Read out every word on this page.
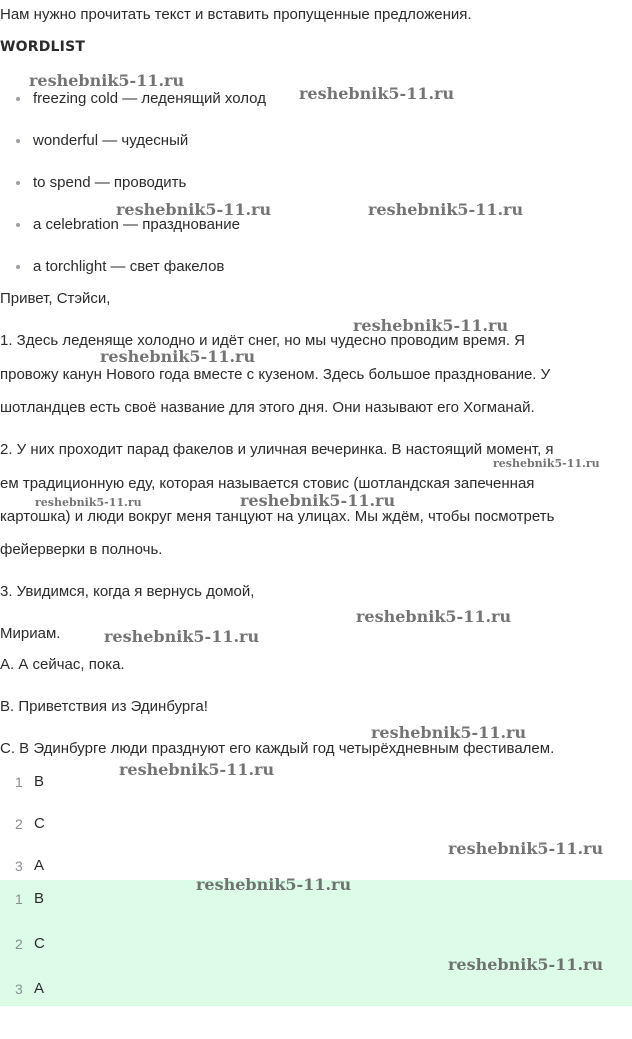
Нам нужно прочитать текст и вставить пропущенные предложения.
WORDLIST
freezing cold — леденящий холод
wonderful — чудесный
to spend — проводить
a celebration — празднование
a torchlight — свет факелов
Привет, Стэйси,
1. Здесь леденяще холодно и идёт снег, но мы чудесно проводим время. Я
провожу канун Нового года вместе с кузеном. Здесь большое празднование. У
шотландцев есть своё название для этого дня. Они называют его Хогманай.
2. У них проходит парад факелов и уличная вечеринка. В настоящий момент, я
ем традиционную еду, которая называется стовис (шотландская запеченная
картошка) и люди вокруг меня танцуют на улицах. Мы ждём, чтобы посмотреть
фейерверки в полночь.
3. Увидимся, когда я вернусь домой,
Мириам.
A. А сейчас, пока.
B. Приветствия из Эдинбурга!
C. В Эдинбурге люди празднуют его каждый год четырёхдневным фестивалем.
1 B
2 C
3 A
1 B
2 C
3 A
reshebnik5-11.ru
reshebnik5-11.ru
reshebnik5-11.ru	reshebnik5-11.ru
reshebnik5-11.ru
reshebnik5-11.ru
reshebnik5-11.ru
reshebnik5-11.ru	reshebnik5-11.ru
reshebnik5-11.ru
reshebnik5-11.ru
reshebnik5-11.ru
reshebnik5-11.ru
reshebnik5-11.ru
reshebnik5-11.ru
reshebnik5-11.ru
